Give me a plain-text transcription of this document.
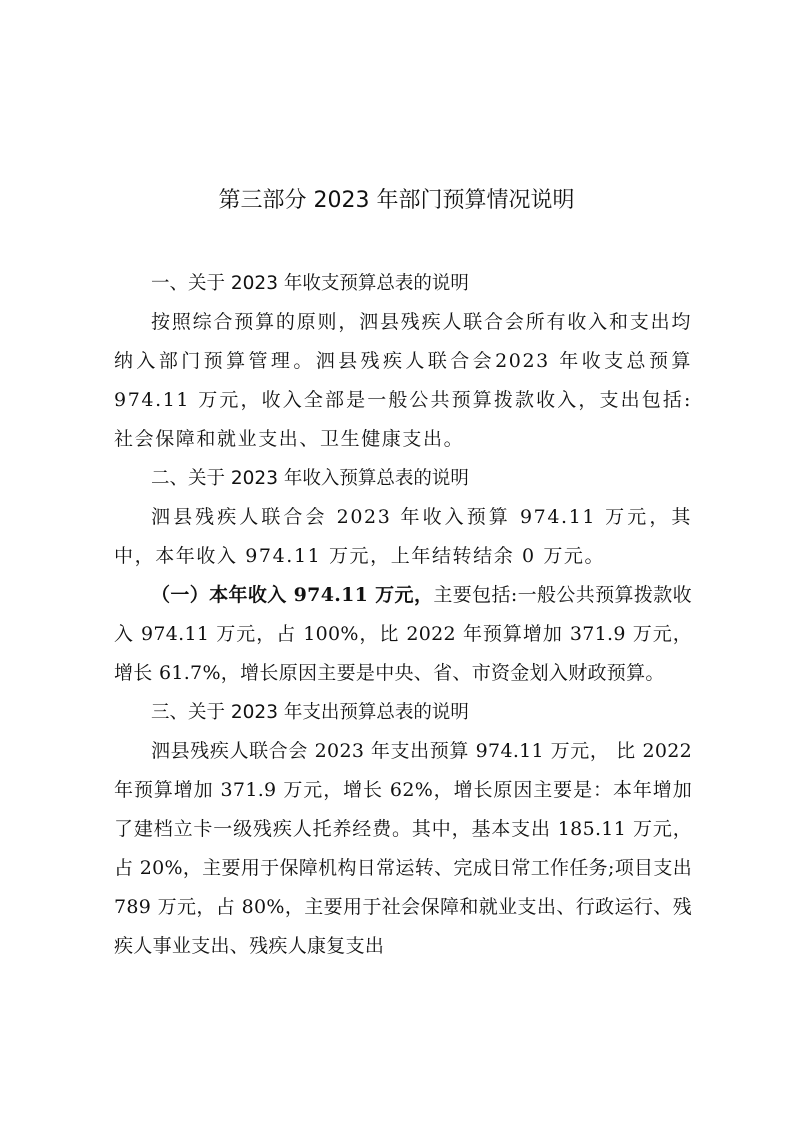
第三部分 2023 年部门预算情况说明

一、关于 2023 年收支预算总表的说明

按照综合预算的原则，泗县残疾人联合会所有收入和支出均纳入部门预算管理。泗县残疾人联合会2023 年收支总预算974.11 万元，收入全部是一般公共预算拨款收入，支出包括:社会保障和就业支出、卫生健康支出。

二、关于 2023 年收入预算总表的说明

泗县残疾人联合会 2023 年收入预算 974.11 万元，其中，本年收入 974.11 万元，上年结转结余 0 万元。

（一）本年收入 974.11 万元，主要包括:一般公共预算拨款收入 974.11 万元，占 100%，比 2022 年预算增加 371.9 万元，增长 61.7%，增长原因主要是中央、省、市资金划入财政预算。

三、关于 2023 年支出预算总表的说明

泗县残疾人联合会 2023 年支出预算 974.11 万元， 比 2022 年预算增加 371.9 万元，增长 62%，增长原因主要是：本年增加了建档立卡一级残疾人托养经费。其中，基本支出 185.11 万元，占 20%，主要用于保障机构日常运转、完成日常工作任务;项目支出 789 万元，占 80%，主要用于社会保障和就业支出、行政运行、残疾人事业支出、残疾人康复支出
